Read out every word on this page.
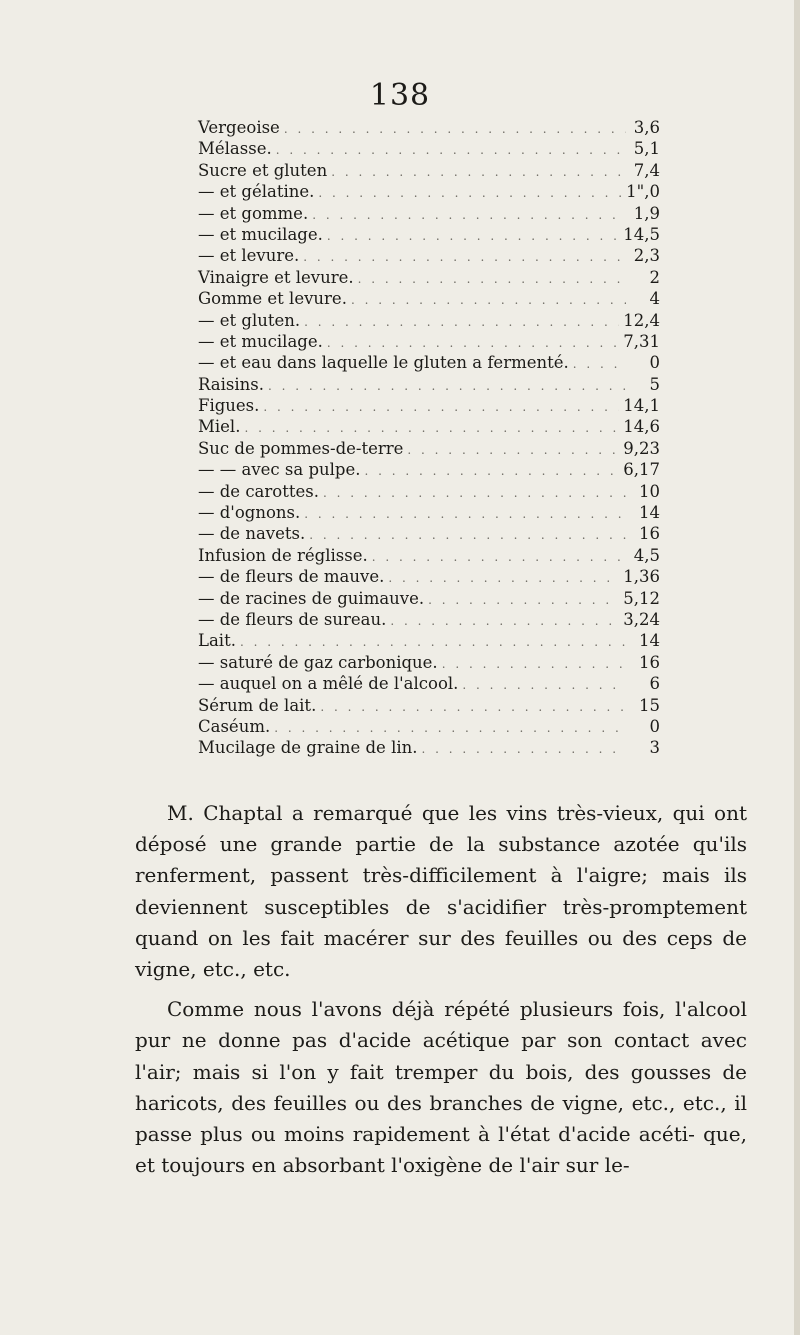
138
Vergeoise . . .	3,6
Mélasse. . . .	5,1
Sucre et gluten . . .	7,4
— et gélatine. . . .	1",0
— et gomme. . . .	1,9
— et mucilage. . . .	14,5
— et levure. . . .	2,3
Vinaigre et levure. . . .	2
Gomme et levure. . . .	4
— et gluten. . . .	12,4
— et mucilage. . . .	7,31
— et eau dans laquelle le gluten a fermenté. . . .	0
Raisins. . . .	5
Figues. . . .	14,1
Miel. . . .	14,6
Suc de pommes-de-terre . . .	9,23
— — avec sa pulpe. . . .	6,17
— de carottes. . . .	10
— d'ognons. . . .	14
— de navets. . . .	16
Infusion de réglisse. . . .	4,5
— de fleurs de mauve. . . .	1,36
— de racines de guimauve. . . .	5,12
— de fleurs de sureau. . . .	3,24
Lait. . . .	14
— saturé de gaz carbonique. . . .	16
— auquel on a mêlé de l'alcool. . . .	6
Sérum de lait. . . .	15
Caséum. . . .	0
Mucilage de graine de lin. . . .	3

M. Chaptal a remarqué que les vins très-vieux, qui ont déposé une grande partie de la substance azotée qu'ils renferment, passent très-difficilement à l'aigre; mais ils deviennent susceptibles de s'acidifier très-promptement quand on les fait macérer sur des feuilles ou des ceps de vigne, etc., etc.

Comme nous l'avons déjà répété plusieurs fois, l'alcool pur ne donne pas d'acide acétique par son contact avec l'air; mais si l'on y fait tremper du bois, des gousses de haricots, des feuilles ou des branches de vigne, etc., etc., il passe plus ou moins rapidement à l'état d'acide acéti- que, et toujours en absorbant l'oxigène de l'air sur le-
